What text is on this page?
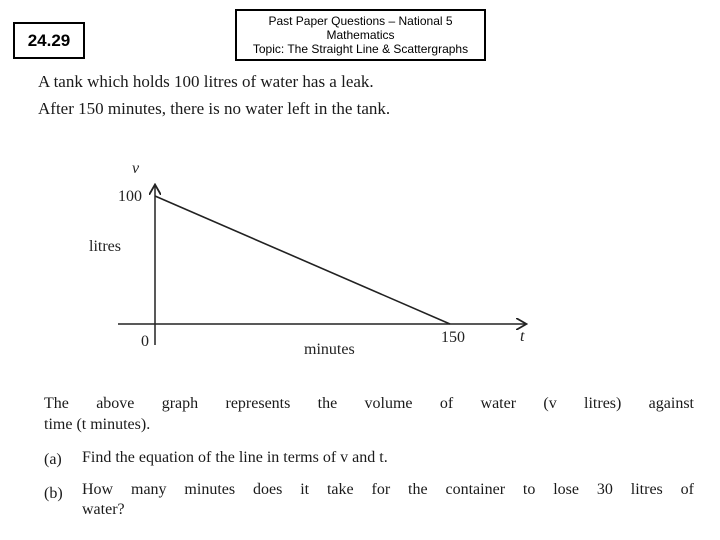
24.29
Past Paper Questions – National 5
Mathematics
Topic: The Straight Line & Scattergraphs
A tank which holds 100 litres of water has a leak.
After 150 minutes, there is no water left in the tank.
v
t
100
0	150
litres
minutes
The above graph represents the volume of water (v litres) against
time (t minutes).
(a) Find the equation of the line in terms of v and t.
(b) How many minutes does it take for the container to lose 30 litres of
water?
